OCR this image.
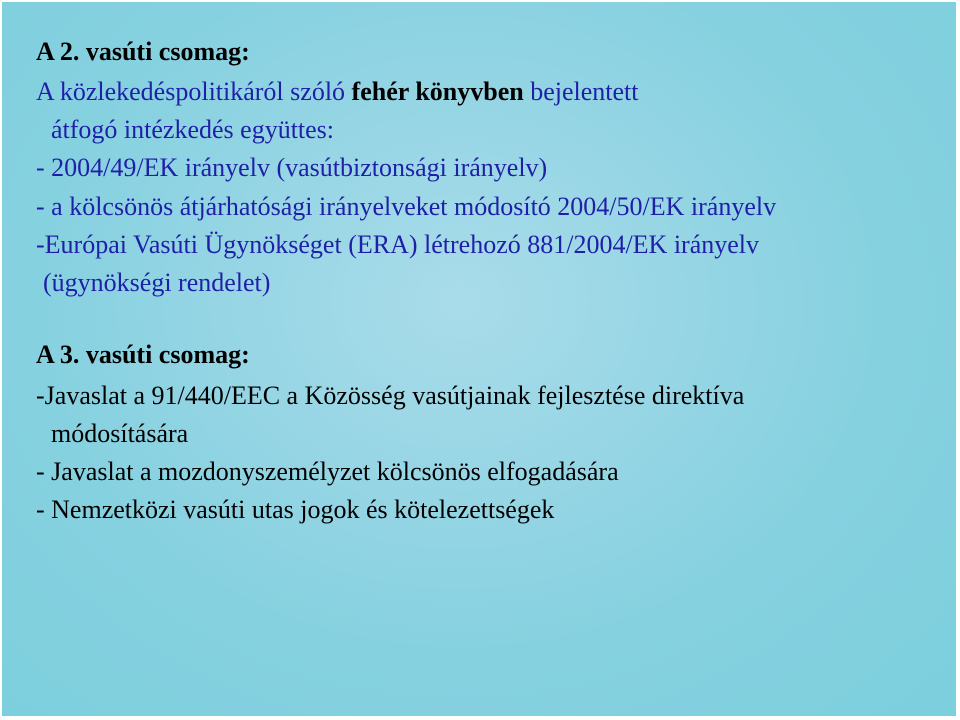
A 2. vasúti csomag:
A közlekedéspolitikáról szóló fehér könyvben bejelentett
átfogó intézkedés együttes:
- 2004/49/EK irányelv (vasútbiztonsági irányelv)
- a kölcsönös átjárhatósági irányelveket módosító 2004/50/EK irányelv
-Európai Vasúti Ügynökséget (ERA) létrehozó 881/2004/EK irányelv
(ügynökségi rendelet)
A 3. vasúti csomag:
-Javaslat a 91/440/EEC a Közösség vasútjainak fejlesztése direktíva
módosítására
- Javaslat a mozdonyszemélyzet kölcsönös elfogadására
- Nemzetközi vasúti utas jogok és kötelezettségek
